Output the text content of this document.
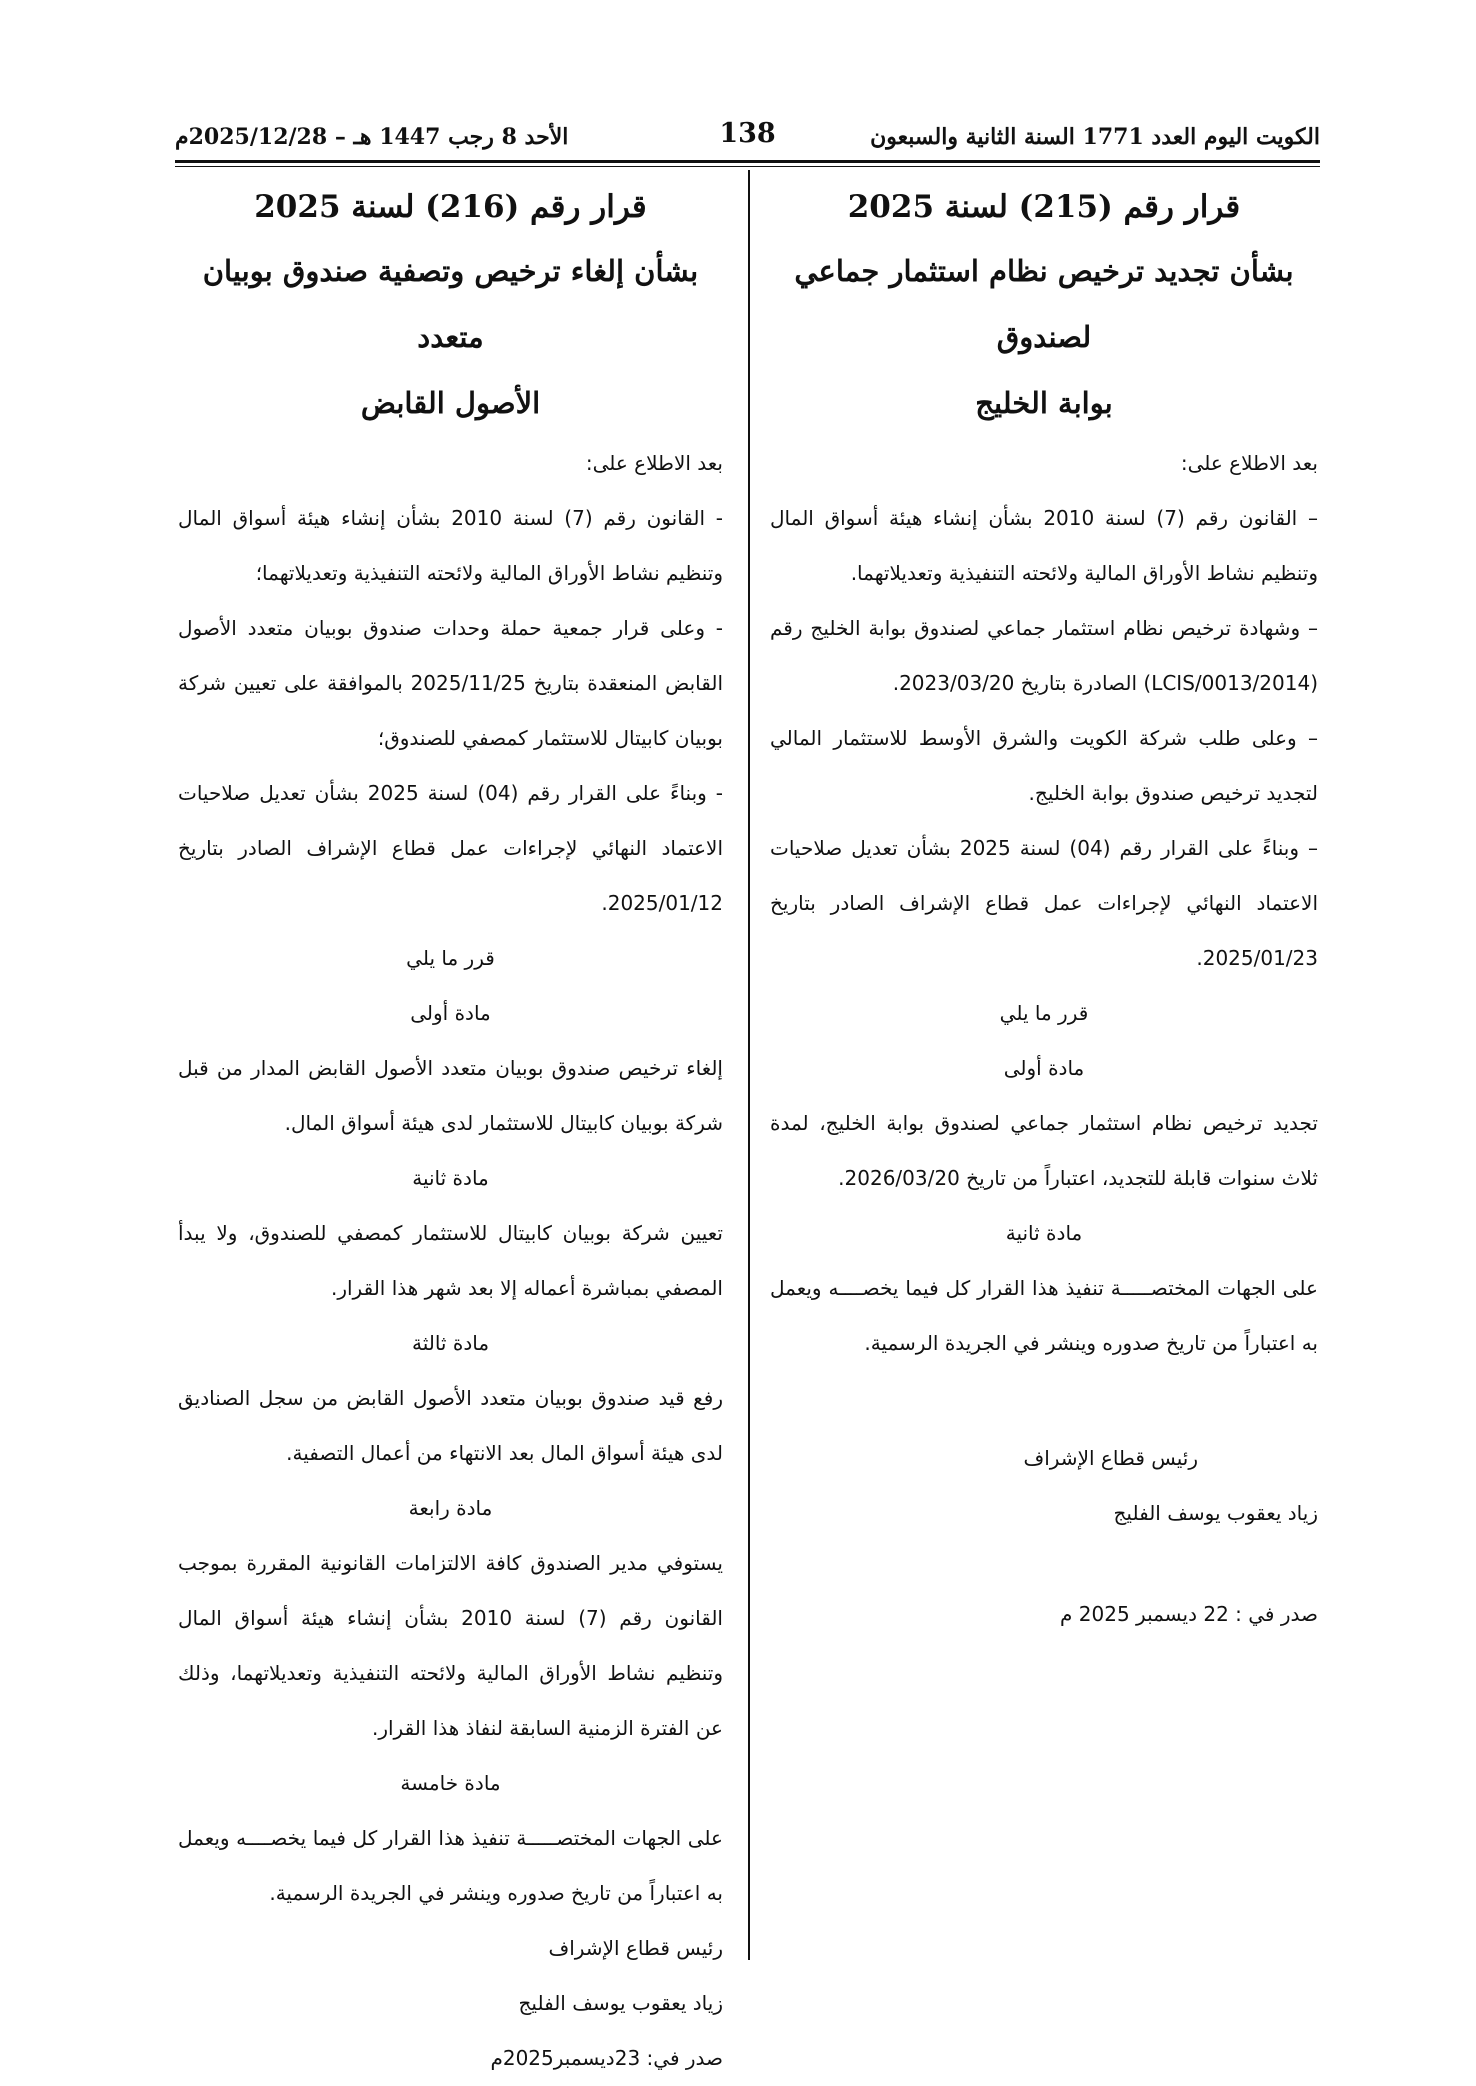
الكويت اليوم العدد 1771 السنة الثانية والسبعون
138
الأحد 8 رجب 1447 هـ – 2025/12/28م
قرار رقم (215) لسنة 2025
بشأن تجديد ترخيص نظام استثمار جماعي لصندوق
بوابة الخليج
بعد الاطلاع على:
– القانون رقم (7) لسنة 2010 بشأن إنشاء هيئة أسواق المال وتنظيم نشاط الأوراق المالية ولائحته التنفيذية وتعديلاتهما.
– وشهادة ترخيص نظام استثمار جماعي لصندوق بوابة الخليج رقم (LCIS/0013/2014) الصادرة بتاريخ 2023/03/20.
– وعلى طلب شركة الكويت والشرق الأوسط للاستثمار المالي لتجديد ترخيص صندوق بوابة الخليج.
– وبناءً على القرار رقم (04) لسنة 2025 بشأن تعديل صلاحيات الاعتماد النهائي لإجراءات عمل قطاع الإشراف الصادر بتاريخ 2025/01/23.
قرر ما يلي
مادة أولى
تجديد ترخيص نظام استثمار جماعي لصندوق بوابة الخليج، لمدة ثلاث سنوات قابلة للتجديد، اعتباراً من تاريخ 2026/03/20.
مادة ثانية
على الجهات المختصـــــة تنفيذ هذا القرار كل فيما يخصــــه ويعمل به اعتباراً من تاريخ صدوره وينشر في الجريدة الرسمية.
رئيس قطاع الإشراف
زياد يعقوب يوسف الفليج
صدر في : 22 ديسمبر 2025 م
قرار رقم (216) لسنة 2025
بشأن إلغاء ترخيص وتصفية صندوق بوبيان متعدد
الأصول القابض
بعد الاطلاع على:
- القانون رقم (7) لسنة 2010 بشأن إنشاء هيئة أسواق المال وتنظيم نشاط الأوراق المالية ولائحته التنفيذية وتعديلاتهما؛
- وعلى قرار جمعية حملة وحدات صندوق بوبيان متعدد الأصول القابض المنعقدة بتاريخ 2025/11/25 بالموافقة على تعيين شركة بوبيان كابيتال للاستثمار كمصفي للصندوق؛
- وبناءً على القرار رقم (04) لسنة 2025 بشأن تعديل صلاحيات الاعتماد النهائي لإجراءات عمل قطاع الإشراف الصادر بتاريخ 2025/01/12.
قرر ما يلي
مادة أولى
إلغاء ترخيص صندوق بوبيان متعدد الأصول القابض المدار من قبل شركة بوبيان كابيتال للاستثمار لدى هيئة أسواق المال.
مادة ثانية
تعيين شركة بوبيان كابيتال للاستثمار كمصفي للصندوق، ولا يبدأ المصفي بمباشرة أعماله إلا بعد شهر هذا القرار.
مادة ثالثة
رفع قيد صندوق بوبيان متعدد الأصول القابض من سجل الصناديق لدى هيئة أسواق المال بعد الانتهاء من أعمال التصفية.
مادة رابعة
يستوفي مدير الصندوق كافة الالتزامات القانونية المقررة بموجب القانون رقم (7) لسنة 2010 بشأن إنشاء هيئة أسواق المال وتنظيم نشاط الأوراق المالية ولائحته التنفيذية وتعديلاتهما، وذلك عن الفترة الزمنية السابقة لنفاذ هذا القرار.
مادة خامسة
على الجهات المختصـــــة تنفيذ هذا القرار كل فيما يخصــــه ويعمل به اعتباراً من تاريخ صدوره وينشر في الجريدة الرسمية.
رئيس قطاع الإشراف
زياد يعقوب يوسف الفليج
صدر في: 23ديسمبر2025م
